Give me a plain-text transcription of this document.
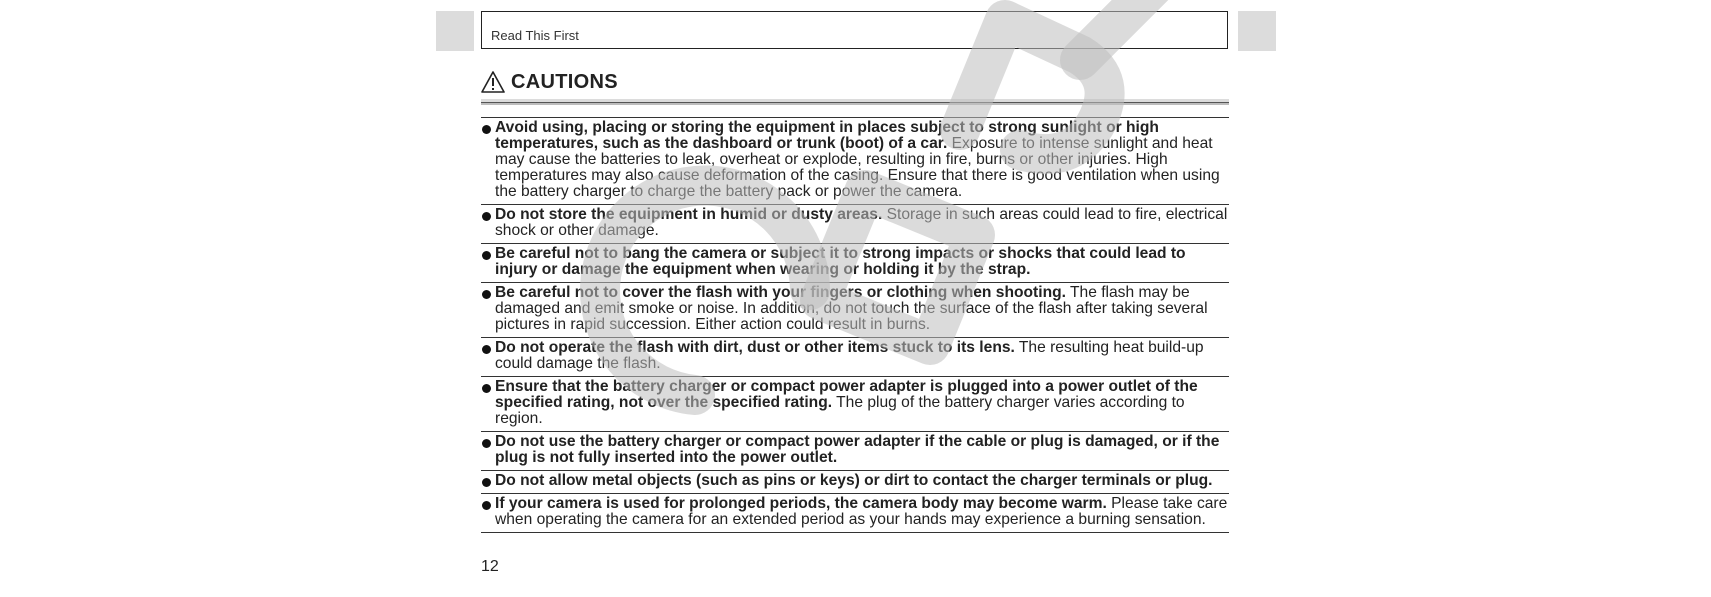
Read This First
CAUTIONS
Avoid using, placing or storing the equipment in places subject to strong sunlight or high temperatures, such as the dashboard or trunk (boot) of a car. Exposure to intense sunlight and heat may cause the batteries to leak, overheat or explode, resulting in fire, burns or other injuries. High temperatures may also cause deformation of the casing. Ensure that there is good ventilation when using the battery charger to charge the battery pack or power the camera.
Do not store the equipment in humid or dusty areas. Storage in such areas could lead to fire, electrical shock or other damage.
Be careful not to bang the camera or subject it to strong impacts or shocks that could lead to injury or damage the equipment when wearing or holding it by the strap.
Be careful not to cover the flash with your fingers or clothing when shooting. The flash may be damaged and emit smoke or noise. In addition, do not touch the surface of the flash after taking several pictures in rapid succession. Either action could result in burns.
Do not operate the flash with dirt, dust or other items stuck to its lens. The resulting heat build-up could damage the flash.
Ensure that the battery charger or compact power adapter is plugged into a power outlet of the specified rating, not over the specified rating. The plug of the battery charger varies according to region.
Do not use the battery charger or compact power adapter if the cable or plug is damaged, or if the plug is not fully inserted into the power outlet.
Do not allow metal objects (such as pins or keys) or dirt to contact the charger terminals or plug.
If your camera is used for prolonged periods, the camera body may become warm. Please take care when operating the camera for an extended period as your hands may experience a burning sensation.
12
